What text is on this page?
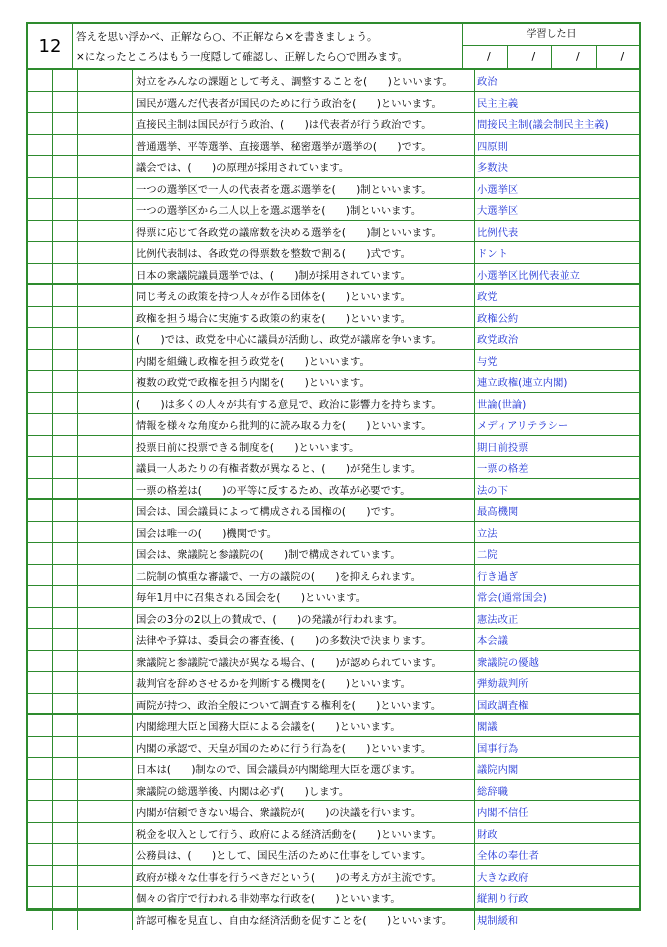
12	答えを思い浮かべ、正解なら○、不正解なら×を書きましょう。
×になったところはもう一度隠して確認し、正解したら○で囲みます。
学習した日
/	/	/	/
対立をみんなの課題として考え、調整することを(　　)といいます。	政治
国民が選んだ代表者が国民のために行う政治を(　　)といいます。	民主主義
直接民主制は国民が行う政治、(　　)は代表者が行う政治です。	間接民主制(議会制民主主義)
普通選挙、平等選挙、直接選挙、秘密選挙が選挙の(　　)です。	四原則
議会では、(　　)の原理が採用されています。	多数決
一つの選挙区で一人の代表者を選ぶ選挙を(　　)制といいます。	小選挙区
一つの選挙区から二人以上を選ぶ選挙を(　　)制といいます。	大選挙区
得票に応じて各政党の議席数を決める選挙を(　　)制といいます。	比例代表
比例代表制は、各政党の得票数を整数で割る(　　)式です。	ドント
日本の衆議院議員選挙では、(　　)制が採用されています。	小選挙区比例代表並立
同じ考えの政策を持つ人々が作る団体を(　　)といいます。	政党
政権を担う場合に実施する政策の約束を(　　)といいます。	政権公約
(　　)では、政党を中心に議員が活動し、政党が議席を争います。	政党政治
内閣を組織し政権を担う政党を(　　)といいます。	与党
複数の政党で政権を担う内閣を(　　)といいます。	連立政権(連立内閣)
(　　)は多くの人々が共有する意見で、政治に影響力を持ちます。	世論(世論)
情報を様々な角度から批判的に読み取る力を(　　)といいます。	メディアリテラシー
投票日前に投票できる制度を(　　)といいます。	期日前投票
議員一人あたりの有権者数が異なると、(　　)が発生します。	一票の格差
一票の格差は(　　)の平等に反するため、改革が必要です。	法の下
国会は、国会議員によって構成される国権の(　　)です。	最高機関
国会は唯一の(　　)機関です。	立法
国会は、衆議院と参議院の(　　)制で構成されています。	二院
二院制の慎重な審議で、一方の議院の(　　)を抑えられます。	行き過ぎ
毎年1月中に召集される国会を(　　)といいます。	常会(通常国会)
国会の3分の2以上の賛成で、(　　)の発議が行われます。	憲法改正
法律や予算は、委員会の審査後、(　　)の多数決で決まります。	本会議
衆議院と参議院で議決が異なる場合、(　　)が認められています。	衆議院の優越
裁判官を辞めさせるかを判断する機関を(　　)といいます。	弾劾裁判所
両院が持つ、政治全般について調査する権利を(　　)といいます。	国政調査権
内閣総理大臣と国務大臣による会議を(　　)といいます。	閣議
内閣の承認で、天皇が国のために行う行為を(　　)といいます。	国事行為
日本は(　　)制なので、国会議員が内閣総理大臣を選びます。	議院内閣
衆議院の総選挙後、内閣は必ず(　　)します。	総辞職
内閣が信頼できない場合、衆議院が(　　)の決議を行います。	内閣不信任
税金を収入として行う、政府による経済活動を(　　)といいます。	財政
公務員は、(　　)として、国民生活のために仕事をしています。	全体の奉仕者
政府が様々な仕事を行うべきだという(　　)の考え方が主流です。	大きな政府
個々の省庁で行われる非効率な行政を(　　)といいます。	縦割り行政
許認可権を見直し、自由な経済活動を促すことを(　　)といいます。	規制緩和
